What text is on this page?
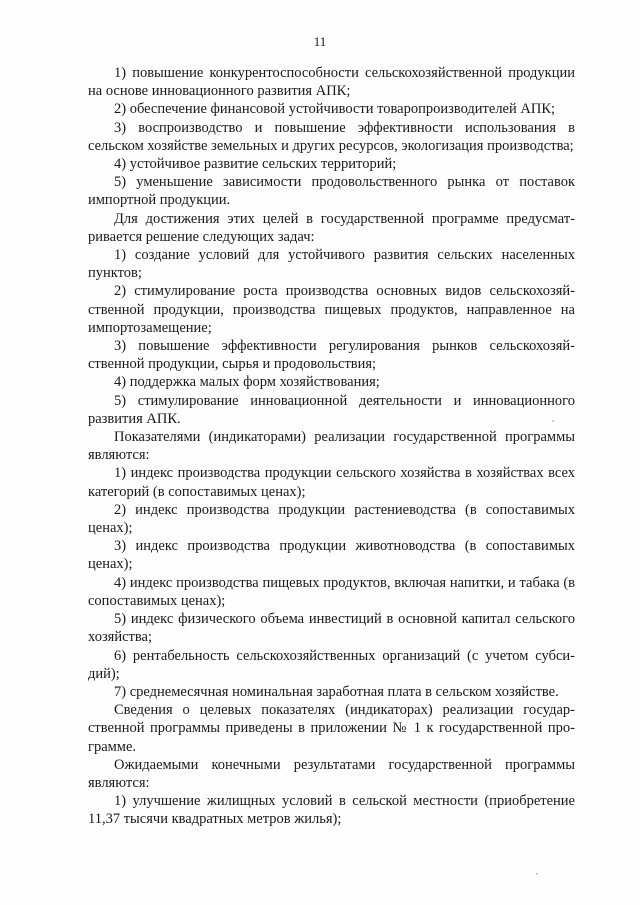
11

1) повышение конкурентоспособности сельскохозяйственной продукции на основе инновационного развития АПК;

2) обеспечение финансовой устойчивости товаропроизводителей АПК;

3) воспроизводство и повышение эффективности использования в сельском хозяйстве земельных и других ресурсов, экологизация производства;

4) устойчивое развитие сельских территорий;

5) уменьшение зависимости продовольственного рынка от поставок импортной продукции.

Для достижения этих целей в государственной программе предусматривается решение следующих задач:

1) создание условий для устойчивого развития сельских населенных пунктов;

2) стимулирование роста производства основных видов сельскохозяйственной продукции, производства пищевых продуктов, направленное на импортозамещение;

3) повышение эффективности регулирования рынков сельскохозяйственной продукции, сырья и продовольствия;

4) поддержка малых форм хозяйствования;

5) стимулирование инновационной деятельности и инновационного развития АПК.

Показателями (индикаторами) реализации государственной программы являются:

1) индекс производства продукции сельского хозяйства в хозяйствах всех категорий (в сопоставимых ценах);

2) индекс производства продукции растениеводства (в сопоставимых ценах);

3) индекс производства продукции животноводства (в сопоставимых ценах);

4) индекс производства пищевых продуктов, включая напитки, и табака (в сопоставимых ценах);

5) индекс физического объема инвестиций в основной капитал сельского хозяйства;

6) рентабельность сельскохозяйственных организаций (с учетом субсидий);

7) среднемесячная номинальная заработная плата в сельском хозяйстве.

Сведения о целевых показателях (индикаторах) реализации государственной программы приведены в приложении № 1 к государственной программе.

Ожидаемыми конечными результатами государственной программы являются:

1) улучшение жилищных условий в сельской местности (приобретение 11,37 тысячи квадратных метров жилья);
